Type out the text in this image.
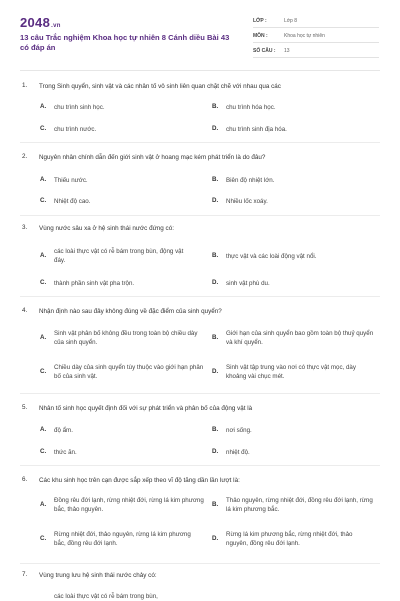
2048.vn
13 câu Trắc nghiệm Khoa học tự nhiên 8 Cánh diều Bài 43 có đáp án
LỚP :	Lớp 8
MÔN :	Khoa học tự nhiên
SỐ CÂU : 13
1. Trong Sinh quyển, sinh vật và các nhân tố vô sinh liên quan chặt chẽ với nhau qua các
A. chu trình sinh học.	B. chu trình hóa học.
C. chu trình nước.	D. chu trình sinh địa hóa.
2. Nguyên nhân chính dẫn đến giới sinh vật ở hoang mạc kém phát triển là do đâu?
A. Thiếu nước.	B. Biên độ nhiệt lớn.
C. Nhiệt độ cao.	D. Nhiều lốc xoáy.
3. Vùng nước sâu xa ở hệ sinh thái nước đứng có:
A. các loài thực vật có rễ bám trong bùn, động vật đáy.
B. thực vật và các loài động vật nổi.
C. thành phần sinh vật pha trộn.	D. sinh vật phù du.
4. Nhận định nào sau đây không đúng về đặc điểm của sinh quyển?
A. Sinh vật phân bố không đều trong toàn bộ chiều dày của sinh quyển.
B. Giới hạn của sinh quyển bao gồm toàn bộ thuỷ quyển và khí quyển.
C. Chiều dày của sinh quyển tùy thuộc vào giới hạn phân bố của sinh vật.
D. Sinh vật tập trung vào nơi có thực vật mọc, dày khoảng vài chục mét.
5. Nhân tố sinh học quyết định đối với sự phát triển và phân bố của động vật là
A. độ ẩm.	B. nơi sống.
C. thức ăn.	D. nhiệt độ.
6. Các khu sinh học trên cạn được sắp xếp theo vĩ độ tăng dần lần lượt là:
A. Đồng rêu đới lạnh, rừng nhiệt đới, rừng lá kim phương bắc, thảo nguyên.
B. Thảo nguyên, rừng nhiệt đới, đồng rêu đới lạnh, rừng lá kim phương bắc.
C. Rừng nhiệt đới, thảo nguyên, rừng lá kim phương bắc, đồng rêu đới lạnh.
D. Rừng lá kim phương bắc, rừng nhiệt đới, thảo nguyên, đồng rêu đới lạnh.
7. Vùng trung lưu hệ sinh thái nước chảy có:
các loài thực vật có rễ bám trong bùn,
